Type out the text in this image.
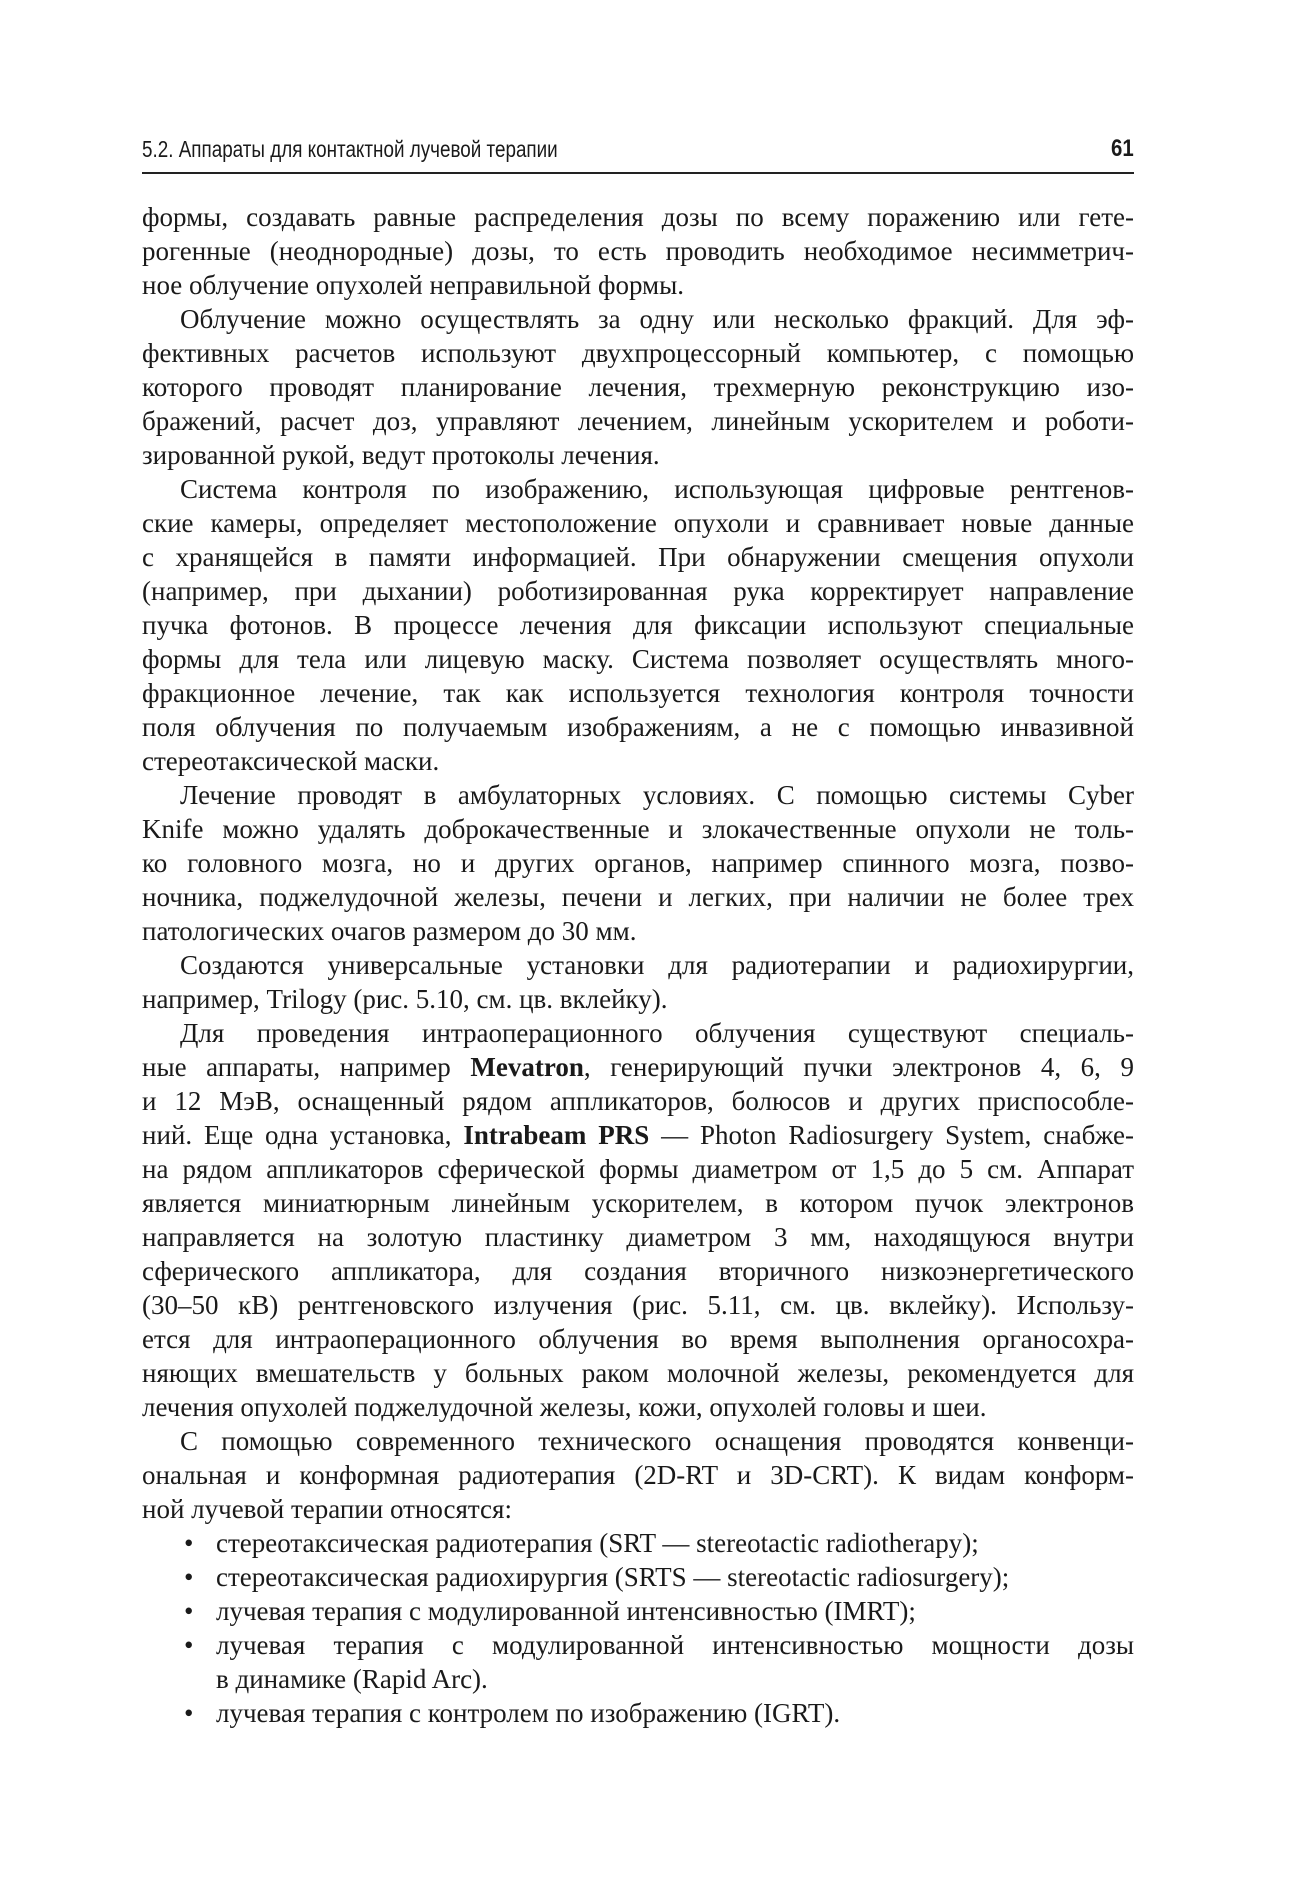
5.2. Аппараты для контактной лучевой терапии	61
формы, создавать равные распределения дозы по всему поражению или гете-
рогенные (неоднородные) дозы, то есть проводить необходимое несимметрич-
ное облучение опухолей неправильной формы.
Облучение можно осуществлять за одну или несколько фракций. Для эф-
фективных расчетов используют двухпроцессорный компьютер, с помощью
которого проводят планирование лечения, трехмерную реконструкцию изо-
бражений, расчет доз, управляют лечением, линейным ускорителем и роботи-
зированной рукой, ведут протоколы лечения.
Система контроля по изображению, использующая цифровые рентгенов-
ские камеры, определяет местоположение опухоли и сравнивает новые данные
с хранящейся в памяти информацией. При обнаружении смещения опухоли
(например, при дыхании) роботизированная рука корректирует направление
пучка фотонов. В процессе лечения для фиксации используют специальные
формы для тела или лицевую маску. Система позволяет осуществлять много-
фракционное лечение, так как используется технология контроля точности
поля облучения по получаемым изображениям, а не с помощью инвазивной
стереотаксической маски.
Лечение проводят в амбулаторных условиях. С помощью системы Cyber
Knife можно удалять доброкачественные и злокачественные опухоли не толь-
ко головного мозга, но и других органов, например спинного мозга, позво-
ночника, поджелудочной железы, печени и легких, при наличии не более трех
патологических очагов размером до 30 мм.
Создаются универсальные установки для радиотерапии и радиохирургии,
например, Trilogy (рис. 5.10, см. цв. вклейку).
Для проведения интраоперационного облучения существуют специаль-
ные аппараты, например Mevatron, генерирующий пучки электронов 4, 6, 9
и 12 МэВ, оснащенный рядом аппликаторов, болюсов и других приспособле-
ний. Еще одна установка, Intrabeam PRS — Photon Radiosurgery System, снабже-
на рядом аппликаторов сферической формы диаметром от 1,5 до 5 см. Аппарат
является миниатюрным линейным ускорителем, в котором пучок электронов
направляется на золотую пластинку диаметром 3 мм, находящуюся внутри
сферического аппликатора, для создания вторичного низкоэнергетического
(30–50 кВ) рентгеновского излучения (рис. 5.11, см. цв. вклейку). Использу-
ется для интраоперационного облучения во время выполнения органосохра-
няющих вмешательств у больных раком молочной железы, рекомендуется для
лечения опухолей поджелудочной железы, кожи, опухолей головы и шеи.
С помощью современного технического оснащения проводятся конвенци-
ональная и конформная радиотерапия (2D-RT и 3D-CRT). К видам конформ-
ной лучевой терапии относятся:
• стереотаксическая радиотерапия (SRT — stereotactic radiotherapy);
• стереотаксическая радиохирургия (SRTS — stereotactic radiosurgery);
• лучевая терапия с модулированной интенсивностью (IMRT);
• лучевая терапия с модулированной интенсивностью мощности дозы
в динамике (Rapid Arc).
• лучевая терапия с контролем по изображению (IGRT).
